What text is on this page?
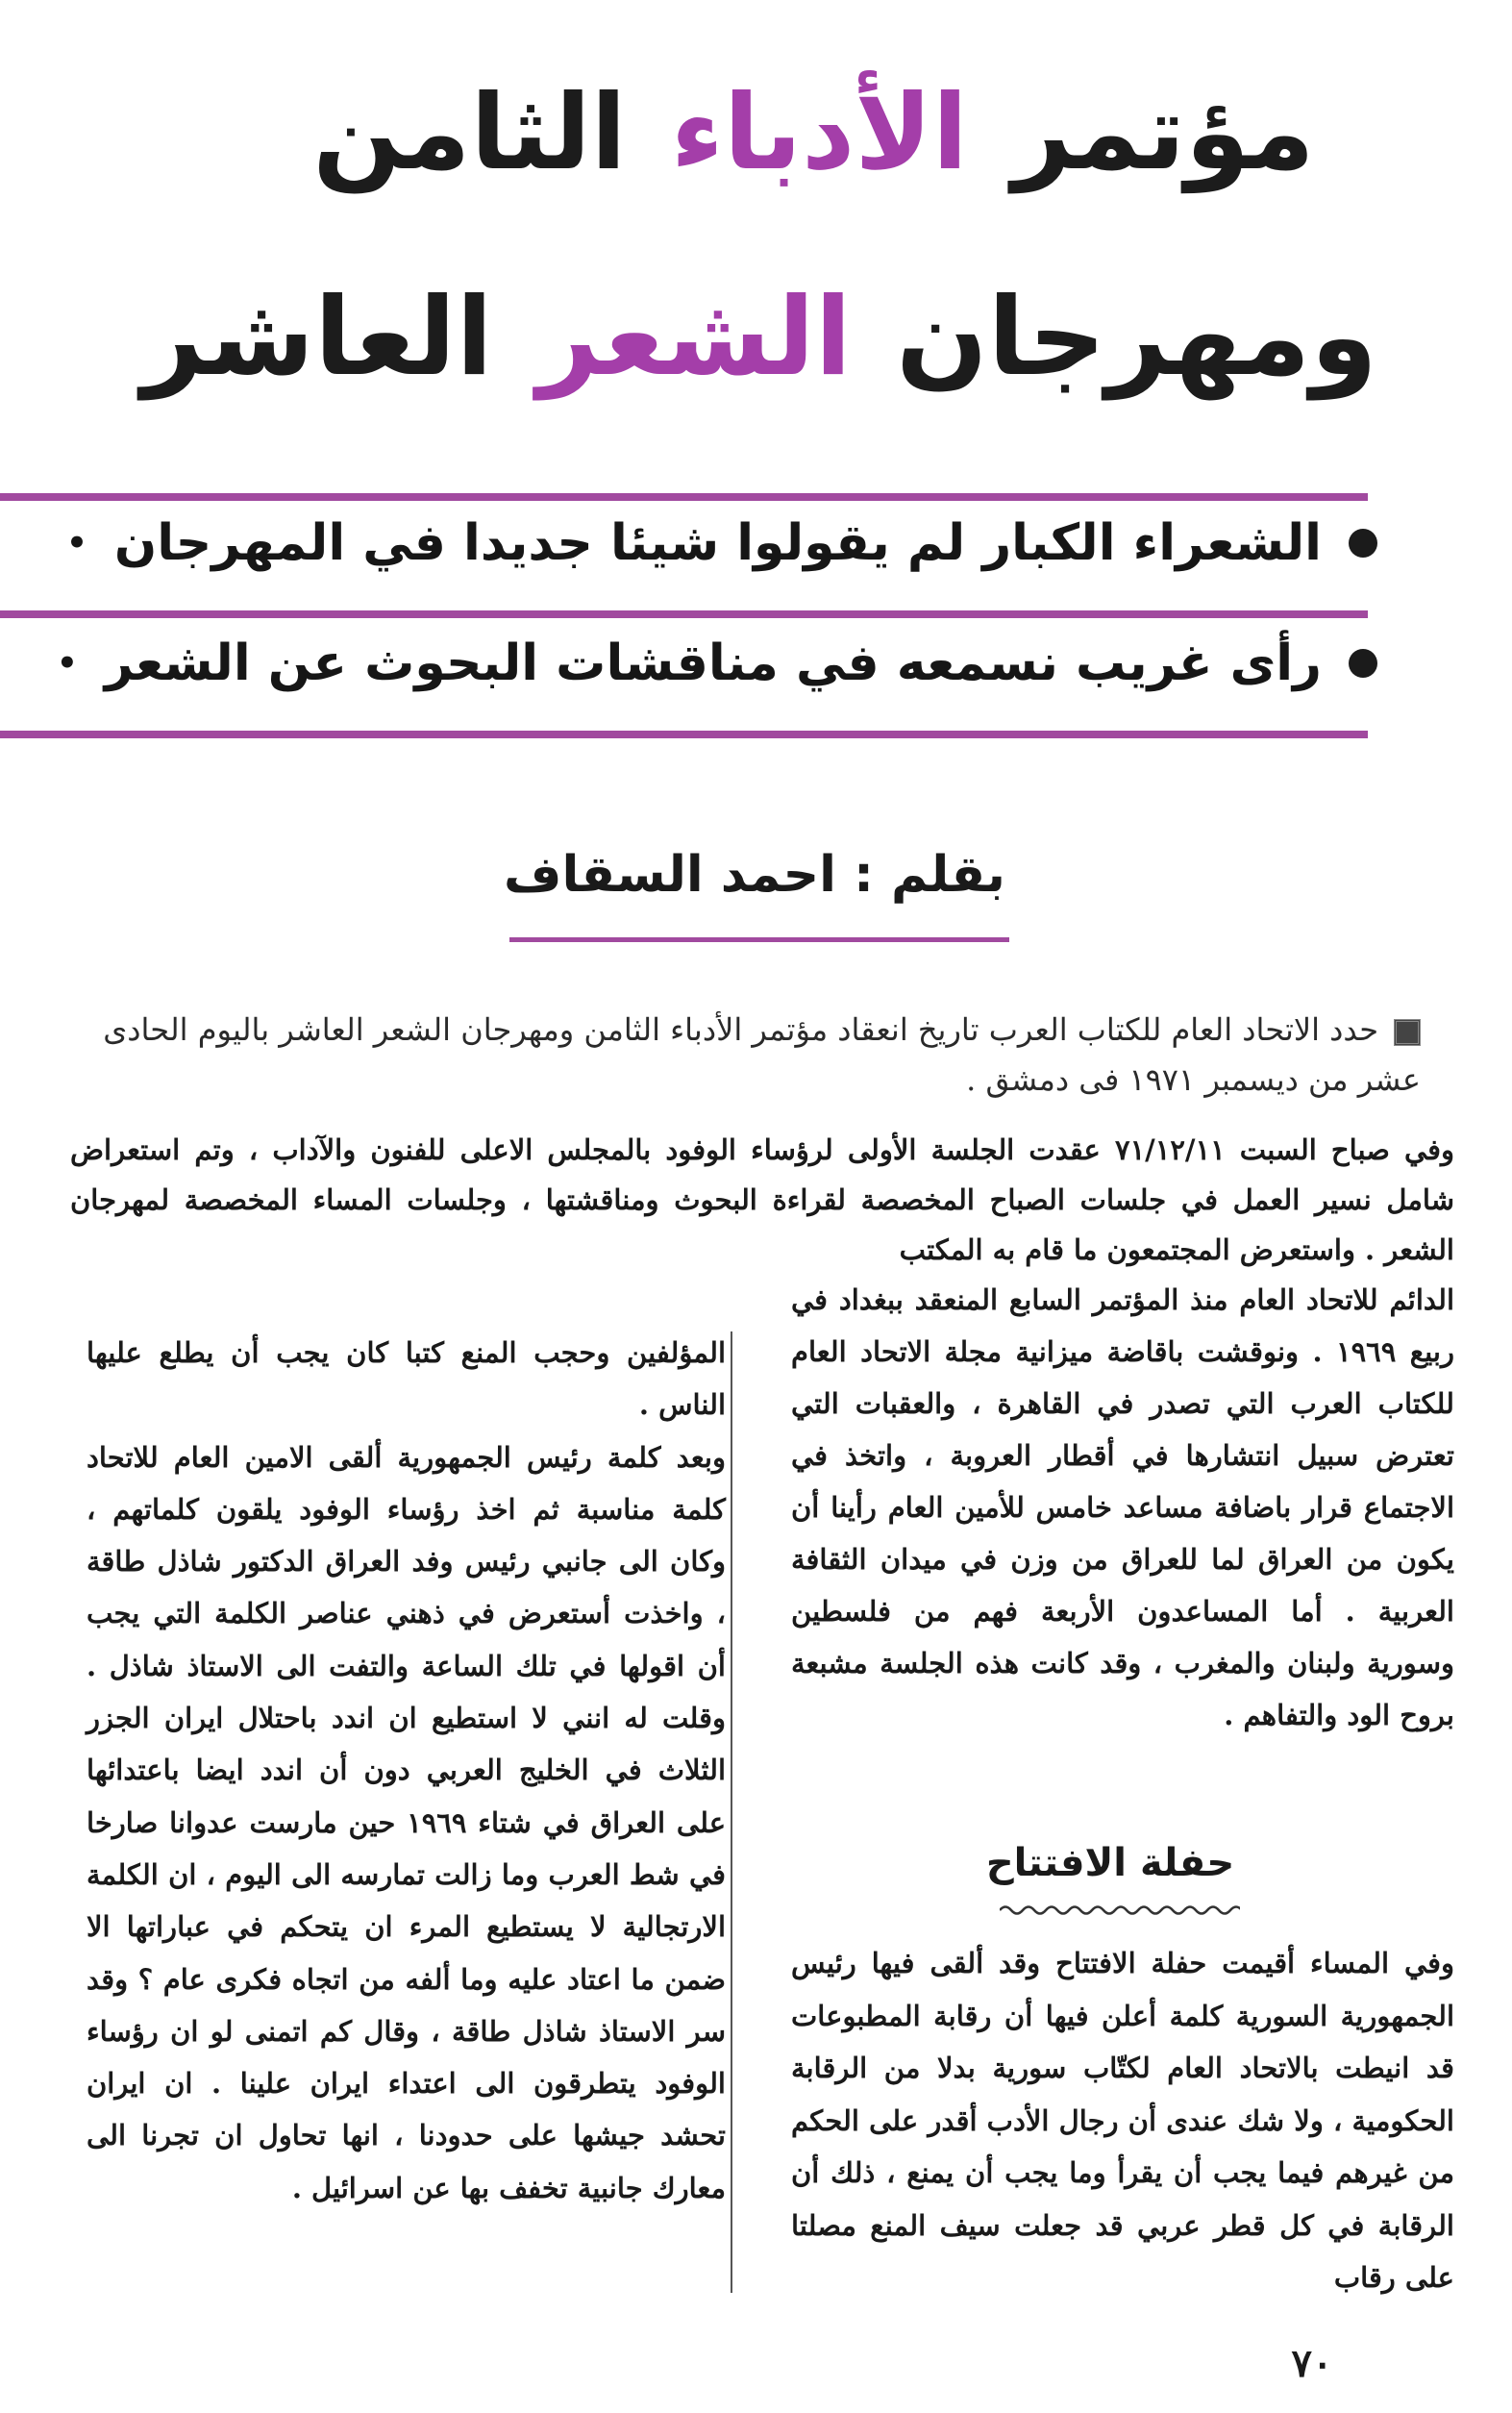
مؤتمرالأدباءالثامن
ومهرجانالشعرالعاشر
الشعراء الكبار لم يقولوا شيئا جديدا في المهرجان
•
رأى غريب نسمعه في مناقشات البحوث عن الشعر
•
بقلم : احمد السقاف
حدد الاتحاد العام للكتاب العرب تاريخ انعقاد مؤتمر الأدباء الثامن ومهرجان الشعر العاشر باليوم الحادى عشر من ديسمبر ١٩٧١ فى دمشق .
وفي صباح السبت ٧١/١٢/١١ عقدت الجلسة الأولى لرؤساء الوفود بالمجلس الاعلى للفنون والآداب ، وتم استعراض شامل نسير العمل في جلسات الصباح المخصصة لقراءة البحوث ومناقشتها ، وجلسات المساء المخصصة لمهرجان الشعر . واستعرض المجتمعون ما قام به المكتب

الدائم للاتحاد العام منذ المؤتمر السابع المنعقد ببغداد في ربيع ١٩٦٩ . ونوقشت باقاضة ميزانية مجلة الاتحاد العام للكتاب العرب التي تصدر في القاهرة ، والعقبات التي تعترض سبيل انتشارها في أقطار العروبة ، واتخذ في الاجتماع قرار باضافة مساعد خامس للأمين العام رأينا أن يكون من العراق لما للعراق من وزن في ميدان الثقافة العربية . أما المساعدون الأربعة فهم من فلسطين وسورية ولبنان والمغرب ، وقد كانت هذه الجلسة مشبعة بروح الود والتفاهم .

حفلة الافتتاح

وفي المساء أقيمت حفلة الافتتاح وقد ألقى فيها رئيس الجمهورية السورية كلمة أعلن فيها أن رقابة المطبوعات قد انيطت بالاتحاد العام لكتّاب سورية بدلا من الرقابة الحكومية ، ولا شك عندى أن رجال الأدب أقدر على الحكم من غيرهم فيما يجب أن يقرأ وما يجب أن يمنع ، ذلك أن الرقابة في كل قطر عربي قد جعلت سيف المنع مصلتا على رقاب

المؤلفين وحجب المنع كتبا كان يجب أن يطلع عليها الناس .

وبعد كلمة رئيس الجمهورية ألقى الامين العام للاتحاد كلمة مناسبة ثم اخذ رؤساء الوفود يلقون كلماتهم ، وكان الى جانبي رئيس وفد العراق الدكتور شاذل طاقة ، واخذت أستعرض في ذهني عناصر الكلمة التي يجب أن اقولها في تلك الساعة والتفت الى الاستاذ شاذل . وقلت له انني لا استطيع ان اندد باحتلال ايران الجزر الثلاث في الخليج العربي دون أن اندد ايضا باعتدائها على العراق في شتاء ١٩٦٩ حين مارست عدوانا صارخا في شط العرب وما زالت تمارسه الى اليوم ، ان الكلمة الارتجالية لا يستطيع المرء ان يتحكم في عباراتها الا ضمن ما اعتاد عليه وما ألفه من اتجاه فكرى عام ؟ وقد سر الاستاذ شاذل طاقة ، وقال كم اتمنى لو ان رؤساء الوفود يتطرقون الى اعتداء ايران علينا . ان ايران تحشد جيشها على حدودنا ، انها تحاول ان تجرنا الى معارك جانبية تخفف بها عن اسرائيل .

٧٠
